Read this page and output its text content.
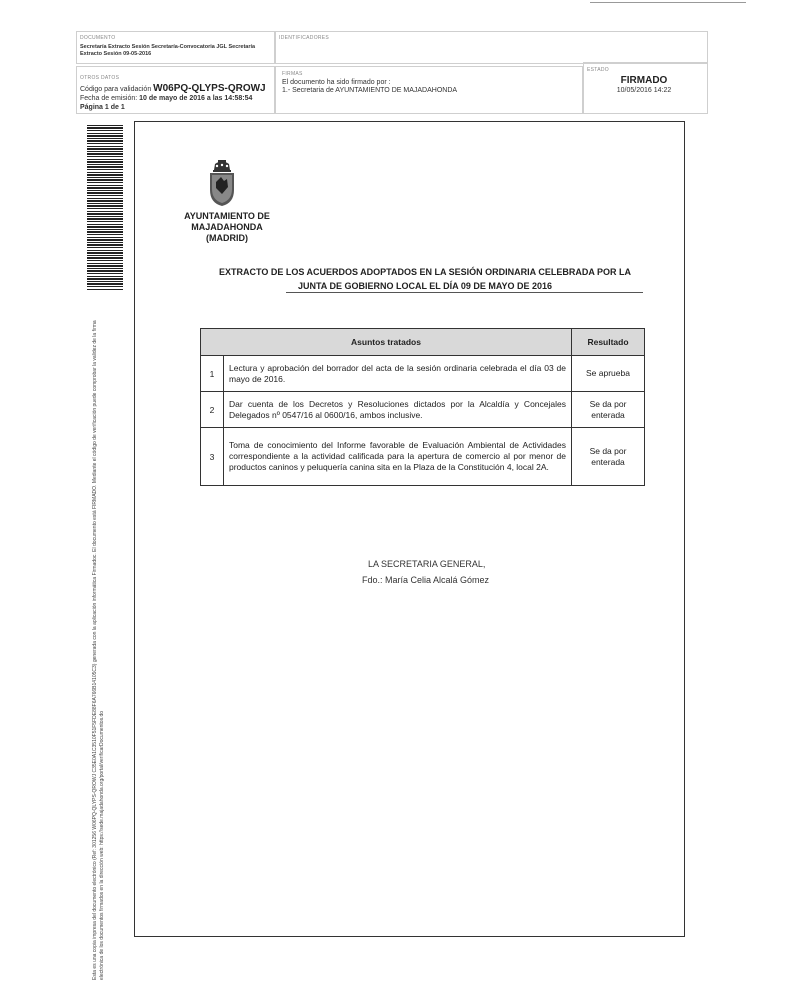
DOCUMENTO
Secretaría Extracto Sesión Secretaría-Convocatoria JGL Secretaría Extracto Sesión 09-05-2016
IDENTIFICADORES
OTROS DATOS
Código para validación W06PQ-QLYPS-QROWJ
Fecha de emisión: 10 de mayo de 2016 a las 14:58:54
Página 1 de 1
FIRMAS
El documento ha sido firmado por :
1.- Secretaria de AYUNTAMIENTO DE MAJADAHONDA
ESTADO
FIRMADO
10/05/2016 14:22
Esta es una copia impresa del documento electrónico (Ref: 301256 W06PQ-QLYPS-QROWJ C35E0A1C3510F51F5FDE88F6A766B14105C3) generada con la aplicación informática Firmadoc. El documento está FIRMADO. Mediante el código de verificación puede comprobar la validez de la firma electrónica de los documentos firmados en la dirección web: https://sede.majadahonda.org/portal/verificarDocumentos.do
AYUNTAMIENTO DE
MAJADAHONDA
(MADRID)
EXTRACTO DE LOS ACUERDOS ADOPTADOS EN LA SESIÓN ORDINARIA CELEBRADA POR LA
JUNTA DE GOBIERNO LOCAL EL DÍA 09 DE MAYO DE 2016
Asuntos tratados		Resultado
1	Lectura y aprobación del borrador del acta de la sesión ordinaria celebrada el día 03 de mayo de 2016.	Se aprueba
2	Dar cuenta de los Decretos y Resoluciones dictados por la Alcaldía y Concejales Delegados nº 0547/16 al 0600/16, ambos inclusive.	Se da por enterada
3	Toma de conocimiento del Informe favorable de Evaluación Ambiental de Actividades correspondiente a la actividad calificada para la apertura de comercio al por menor de productos caninos y peluquería canina sita en la Plaza de la Constitución 4, local 2A.	Se da por enterada
LA SECRETARIA GENERAL,
Fdo.: María Celia Alcalá Gómez
